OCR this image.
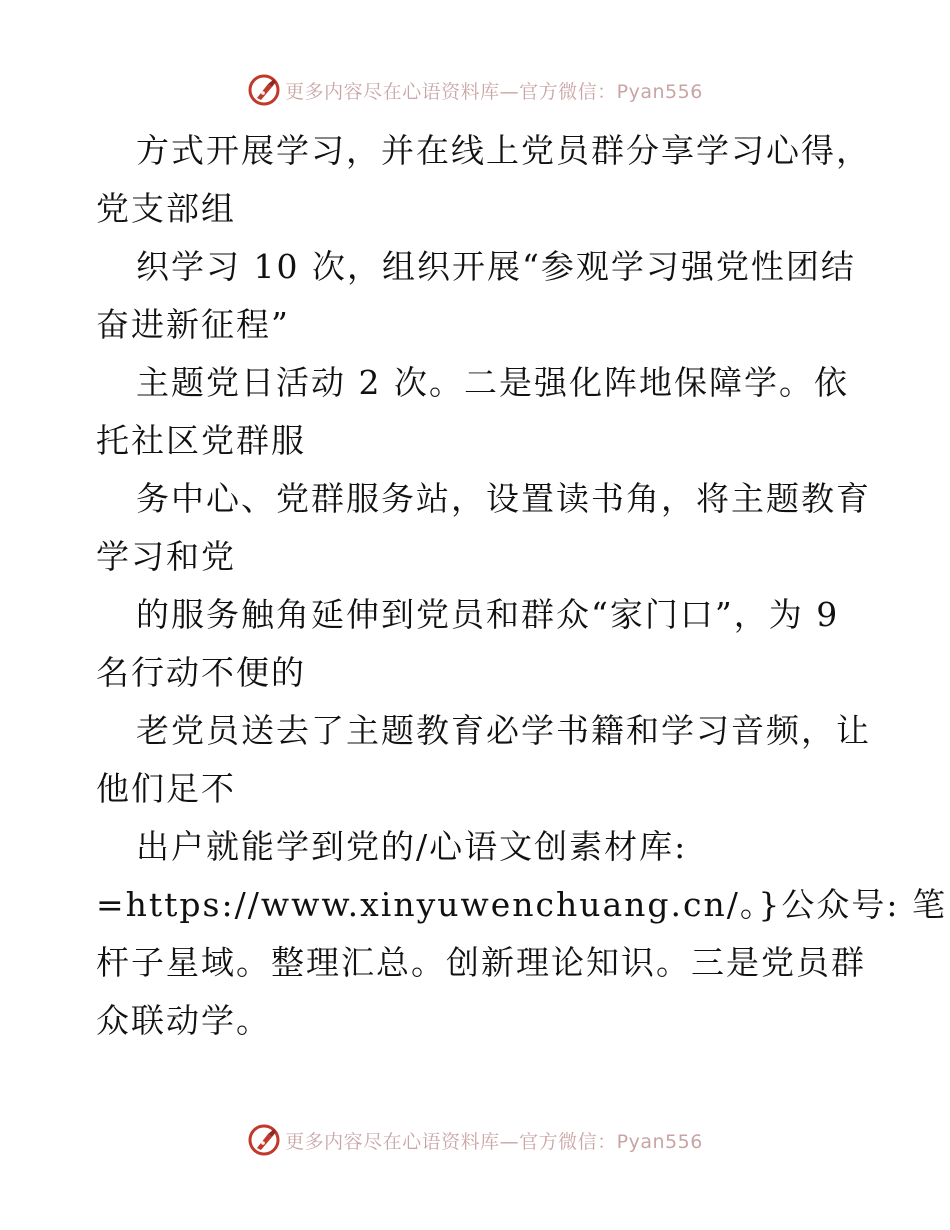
更多内容尽在心语资料库—官方微信：Pyan556
方式开展学习，并在线上党员群分享学习心得，
党支部组
织学习 10 次，组织开展“参观学习强党性团结
奋进新征程”
主题党日活动 2 次。二是强化阵地保障学。依
托社区党群服
务中心、党群服务站，设置读书角，将主题教育
学习和党
的服务触角延伸到党员和群众“家门口”，为 9
名行动不便的
老党员送去了主题教育必学书籍和学习音频，让
他们足不
出户就能学到党的/心语文创素材库:
=https://www.xinyuwenchuang.cn/。}公众号: 笔
杆子星域。整理汇总。创新理论知识。三是党员群
众联动学。
更多内容尽在心语资料库—官方微信：Pyan556
